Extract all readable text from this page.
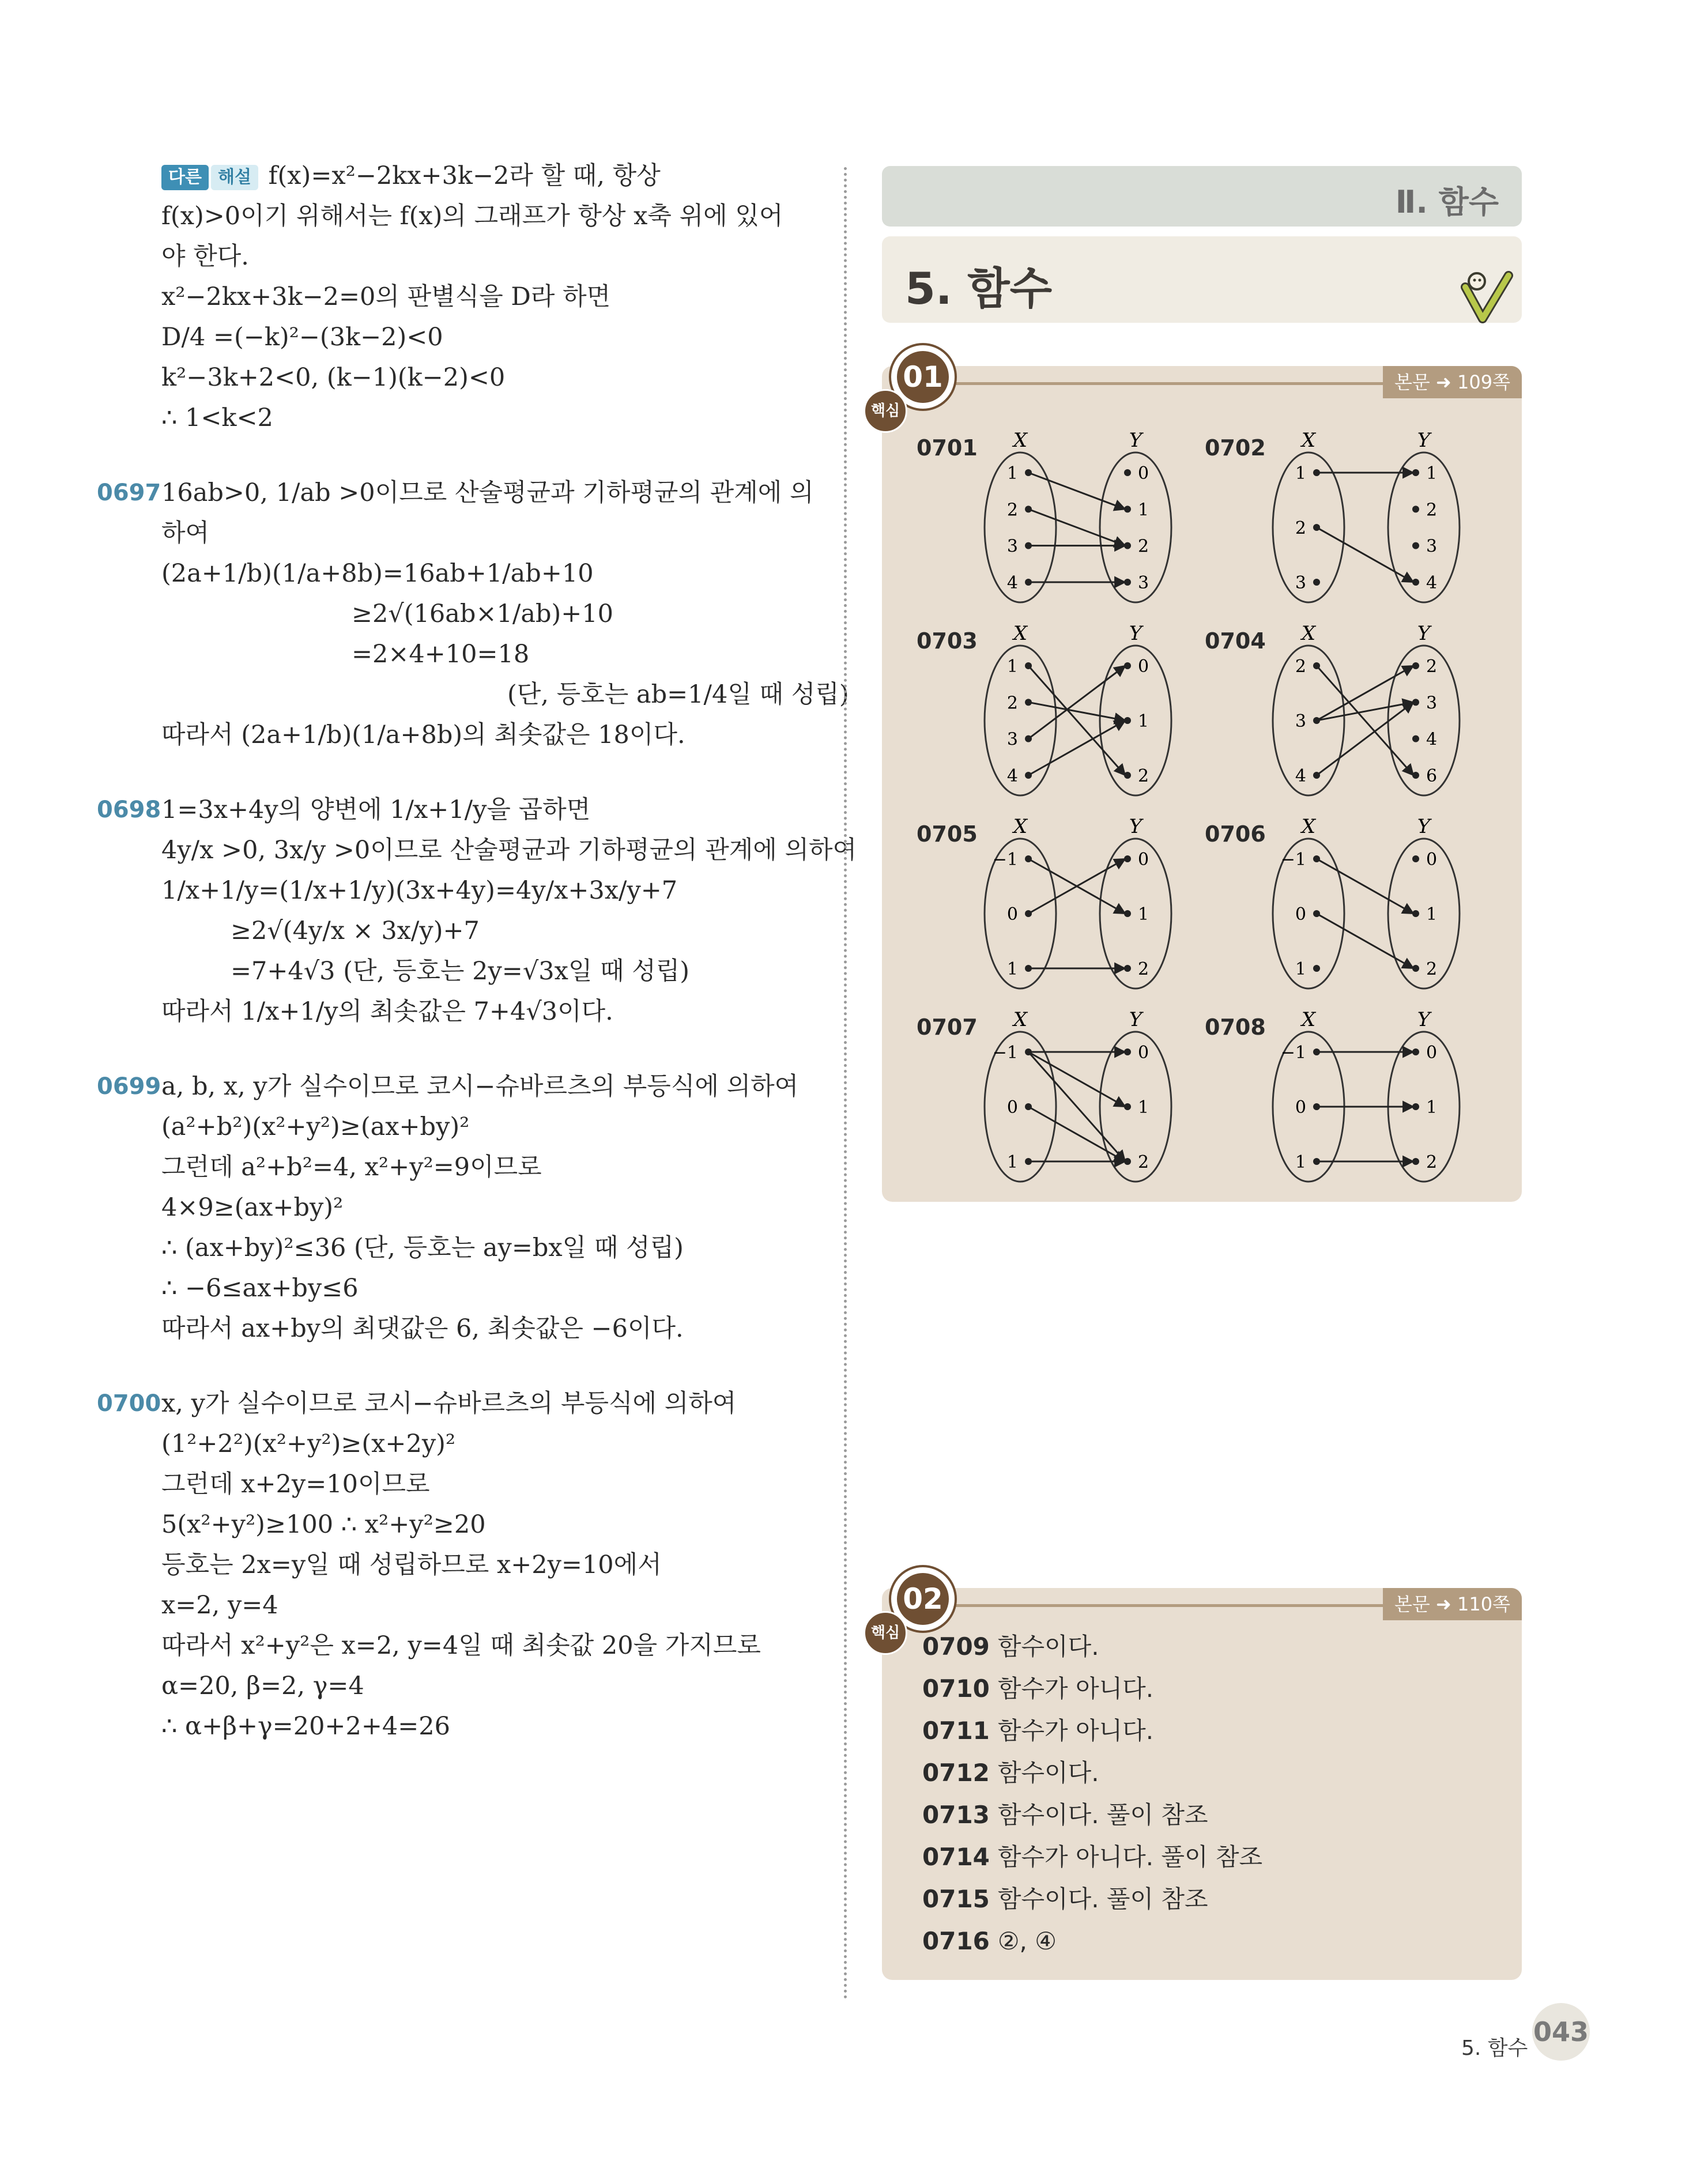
다른 해설 f(x)=x²−2kx+3k−2라 할 때, 항상
f(x)>0이기 위해서는 f(x)의 그래프가 항상 x축 위에 있어
야 한다.
x²−2kx+3k−2=0의 판별식을 D라 하면
D/4 =(−k)²−(3k−2)<0
k²−3k+2<0, (k−1)(k−2)<0
∴ 1<k<2
0697 16ab>0, 1/ab >0이므로 산술평균과 기하평균의 관계에 의
하여
(2a+1/b)(1/a+8b)=16ab+1/ab+10
≥2√(16ab×1/ab)+10
=2×4+10=18
(단, 등호는 ab=1/4일 때 성립)
따라서 (2a+1/b)(1/a+8b)의 최솟값은 18이다.
0698 1=3x+4y의 양변에 1/x+1/y을 곱하면
4y/x >0, 3x/y >0이므로 산술평균과 기하평균의 관계에 의하여
1/x+1/y=(1/x+1/y)(3x+4y)=4y/x+3x/y+7
≥2√(4y/x × 3x/y)+7
=7+4√3 (단, 등호는 2y=√3x일 때 성립)
따라서 1/x+1/y의 최솟값은 7+4√3이다.
0699 a, b, x, y가 실수이므로 코시−슈바르츠의 부등식에 의하여
(a²+b²)(x²+y²)≥(ax+by)²
그런데 a²+b²=4, x²+y²=9이므로
4×9≥(ax+by)²
∴ (ax+by)²≤36 (단, 등호는 ay=bx일 때 성립)
∴ −6≤ax+by≤6
따라서 ax+by의 최댓값은 6, 최솟값은 −6이다.
0700 x, y가 실수이므로 코시−슈바르츠의 부등식에 의하여
(1²+2²)(x²+y²)≥(x+2y)²
그런데 x+2y=10이므로
5(x²+y²)≥100 ∴ x²+y²≥20
등호는 2x=y일 때 성립하므로 x+2y=10에서
x=2, y=4
따라서 x²+y²은 x=2, y=4일 때 최솟값 20을 가지므로
α=20, β=2, γ=4
∴ α+β+γ=20+2+4=26
Ⅱ. 함수
5. 함수
본문 ➜ 109쪽
01
핵심
0701 X	Y
1
2
3
4
0
1
2
3
0702 X	Y
1
2
3
1
2
3
4
0703 X	Y
1
2
3
4
0
1
2
0704 X	Y
2
3
4
2
3
4
6
0705 X	Y
−1
0
1
0
1
2
0706 X	Y
−1
0
1
0
1
2
0707 X	Y
−1
0
1
0
1
2
0708 X	Y
−1
0
1
0
1
2
본문 ➜ 110쪽
02
핵심 0709 함수이다.
0710 함수가 아니다.
0711 함수가 아니다.
0712 함수이다.
0713 함수이다. 풀이 참조
0714 함수가 아니다. 풀이 참조
0715 함수이다. 풀이 참조
0716 ②, ④
5. 함수
043
